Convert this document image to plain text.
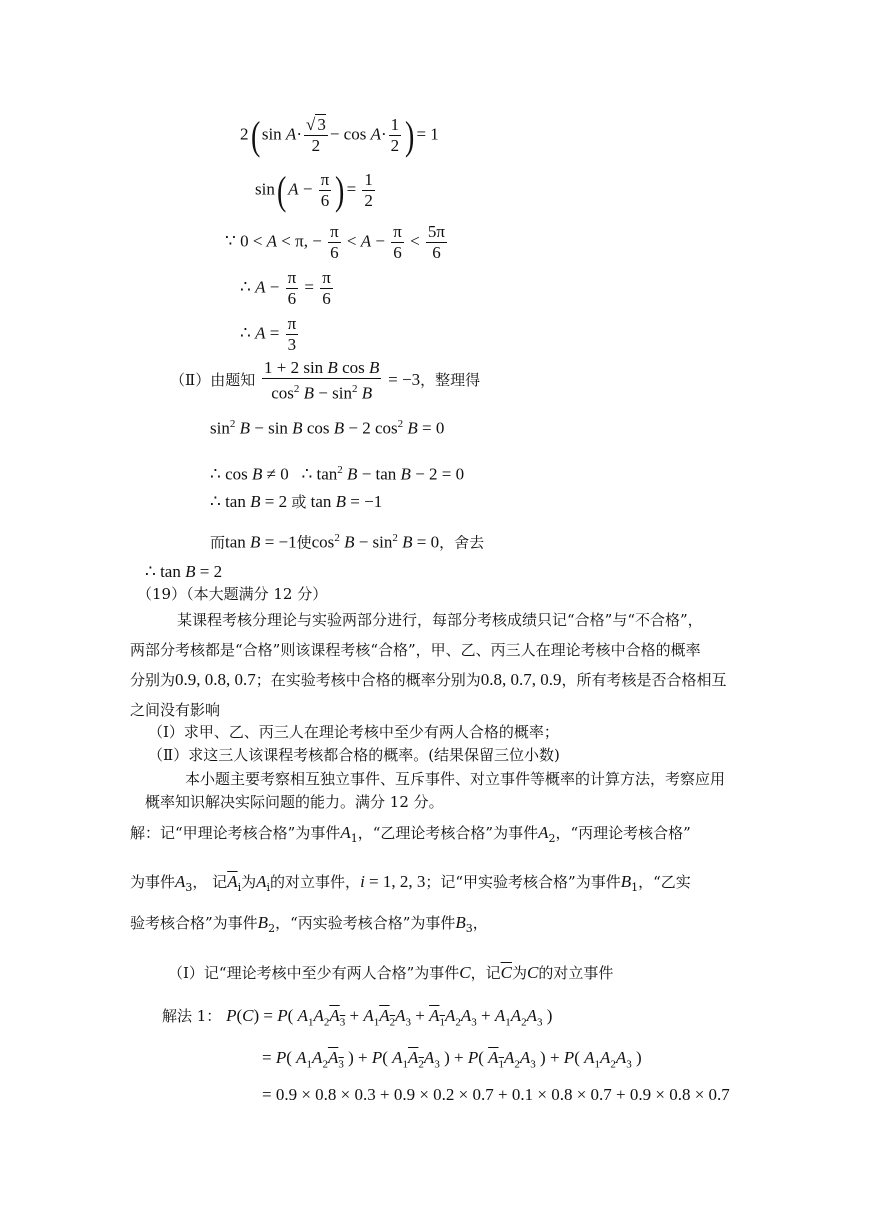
2( $\sin A\cdot \frac{√ 3}{2} - \cos A\cdot \frac{1}{2}$ ) = 1
sin( $A - \frac{\pi}{6}$ ) = $\frac{1}{2}$
∵ 0 < A < π, − $\frac{\pi}{6} < A - \frac{\pi}{6} < \frac{5\pi}{6}$
∴ $A - \frac{\pi}{6} = \frac{\pi}{6}$
∴ $A = \frac{\pi}{3}$
（Ⅱ）由题知 $\frac{\text{1 + 2 sin B cos B}}{\cos^2 B - \sin^2 B} = -3$，整理得
$\sin^2 B - \sin B$ cos B − 2 $\cos^2 B = 0$
∴ cos B ≠ 0   ∴ $\tan^2 B - \tan B - 2 = 0$
∴ tan B = 2 或 tan B = −1
而tan B = −1使$\cos^2 B - \sin^2 B = 0$，舍去
∴ tan B = 2
（19）（本大题满分 12 分）
某课程考核分理论与实验两部分进行，每部分考核成绩只记“合格”与“不合格”，
两部分考核都是“合格”则该课程考核“合格”，甲、乙、丙三人在理论考核中合格的概率
分别为0.9, 0.8, 0.7；在实验考核中合格的概率分别为0.8, 0.7, 0.9，所有考核是否合格相互
之间没有影响
（Ⅰ）求甲、乙、丙三人在理论考核中至少有两人合格的概率；
（Ⅱ）求这三人该课程考核都合格的概率。(结果保留三位小数)
本小题主要考察相互独立事件、互斥事件、对立事件等概率的计算方法，考察应用
概率知识解决实际问题的能力。满分 12 分。
解：记“甲理论考核合格”为事件$A_1$，“乙理论考核合格”为事件$A_2$，“丙理论考核合格”
为事件$A_3$， 记$\overline{A}_i$为$A_i$的对立事件，i = 1, 2, 3；记“甲实验考核合格”为事件$B_1$，“乙实
验考核合格”为事件$B_2$，“丙实验考核合格”为事件$B_3$，
（Ⅰ）记“理论考核中至少有两人合格”为事件C，记$\overline{C}$为C的对立事件
解法 1： P(C) = P( $A_1A_2A_3 + A_1A_2A_3 + A_1A_2A_3 + A_1A_2A_3$ )
= P( $A_1A_2A_3$ ) + P( $A_1A_2A_3$ ) + P( $A_1A_2A_3$ ) + P( $A_1A_2A_3$ )
= 0.9 × 0.8 × 0.3 + 0.9 × 0.2 × 0.7 + 0.1 × 0.8 × 0.7 + 0.9 × 0.8 × 0.7
